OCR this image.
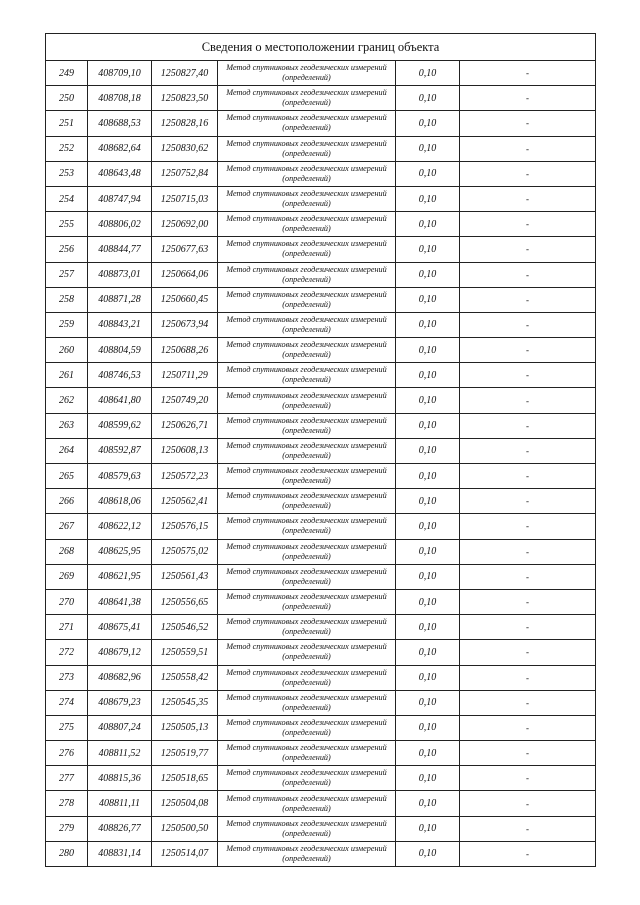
Сведения о местоположении границ объекта					
249	408709,10	1250827,40	Метод спутниковых геодезических измерений (определений)	0,10	-
250	408708,18	1250823,50	Метод спутниковых геодезических измерений (определений)	0,10	-
251	408688,53	1250828,16	Метод спутниковых геодезических измерений (определений)	0,10	-
252	408682,64	1250830,62	Метод спутниковых геодезических измерений (определений)	0,10	-
253	408643,48	1250752,84	Метод спутниковых геодезических измерений (определений)	0,10	-
254	408747,94	1250715,03	Метод спутниковых геодезических измерений (определений)	0,10	-
255	408806,02	1250692,00	Метод спутниковых геодезических измерений (определений)	0,10	-
256	408844,77	1250677,63	Метод спутниковых геодезических измерений (определений)	0,10	-
257	408873,01	1250664,06	Метод спутниковых геодезических измерений (определений)	0,10	-
258	408871,28	1250660,45	Метод спутниковых геодезических измерений (определений)	0,10	-
259	408843,21	1250673,94	Метод спутниковых геодезических измерений (определений)	0,10	-
260	408804,59	1250688,26	Метод спутниковых геодезических измерений (определений)	0,10	-
261	408746,53	1250711,29	Метод спутниковых геодезических измерений (определений)	0,10	-
262	408641,80	1250749,20	Метод спутниковых геодезических измерений (определений)	0,10	-
263	408599,62	1250626,71	Метод спутниковых геодезических измерений (определений)	0,10	-
264	408592,87	1250608,13	Метод спутниковых геодезических измерений (определений)	0,10	-
265	408579,63	1250572,23	Метод спутниковых геодезических измерений (определений)	0,10	-
266	408618,06	1250562,41	Метод спутниковых геодезических измерений (определений)	0,10	-
267	408622,12	1250576,15	Метод спутниковых геодезических измерений (определений)	0,10	-
268	408625,95	1250575,02	Метод спутниковых геодезических измерений (определений)	0,10	-
269	408621,95	1250561,43	Метод спутниковых геодезических измерений (определений)	0,10	-
270	408641,38	1250556,65	Метод спутниковых геодезических измерений (определений)	0,10	-
271	408675,41	1250546,52	Метод спутниковых геодезических измерений (определений)	0,10	-
272	408679,12	1250559,51	Метод спутниковых геодезических измерений (определений)	0,10	-
273	408682,96	1250558,42	Метод спутниковых геодезических измерений (определений)	0,10	-
274	408679,23	1250545,35	Метод спутниковых геодезических измерений (определений)	0,10	-
275	408807,24	1250505,13	Метод спутниковых геодезических измерений (определений)	0,10	-
276	408811,52	1250519,77	Метод спутниковых геодезических измерений (определений)	0,10	-
277	408815,36	1250518,65	Метод спутниковых геодезических измерений (определений)	0,10	-
278	408811,11	1250504,08	Метод спутниковых геодезических измерений (определений)	0,10	-
279	408826,77	1250500,50	Метод спутниковых геодезических измерений (определений)	0,10	-
280	408831,14	1250514,07	Метод спутниковых геодезических измерений (определений)	0,10	-
